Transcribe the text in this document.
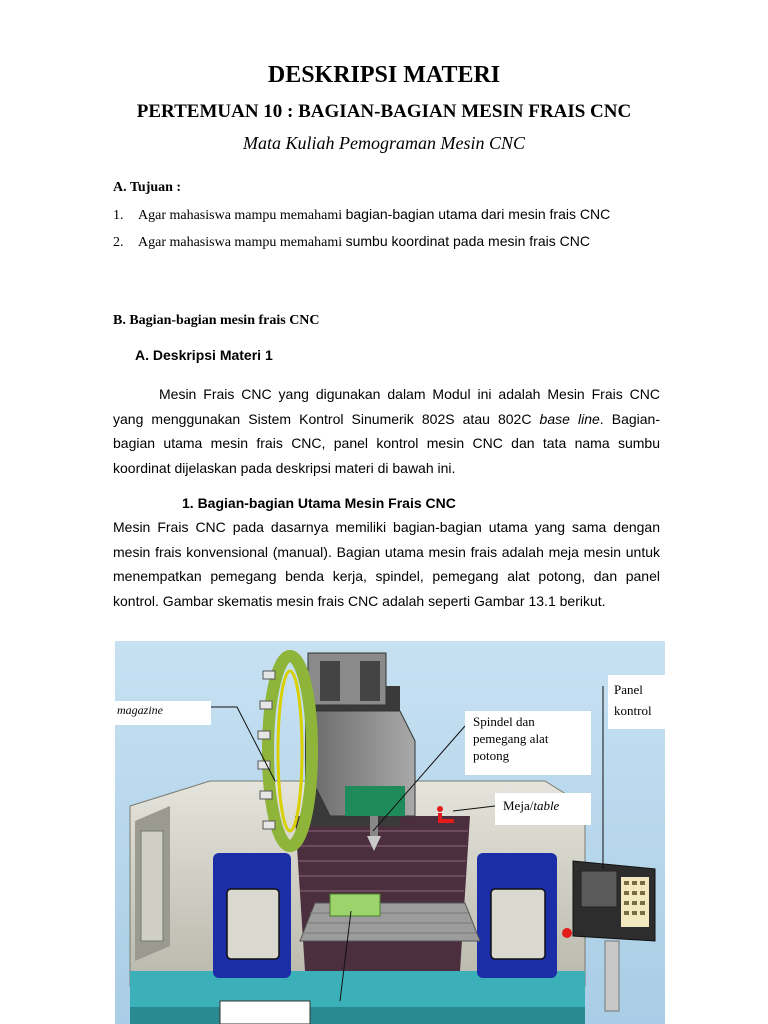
DESKRIPSI MATERI
PERTEMUAN 10 : BAGIAN-BAGIAN MESIN FRAIS CNC
Mata Kuliah Pemograman Mesin CNC
A. Tujuan :
1. Agar mahasiswa mampu memahami bagian-bagian utama dari mesin frais CNC
2. Agar mahasiswa mampu memahami sumbu koordinat pada mesin frais CNC
B. Bagian-bagian mesin frais CNC
A. Deskripsi Materi 1
Mesin Frais CNC yang digunakan dalam Modul ini adalah Mesin Frais CNC yang menggunakan Sistem Kontrol Sinumerik 802S atau 802C base line. Bagian-bagian utama mesin frais CNC, panel kontrol mesin CNC dan tata nama sumbu koordinat dijelaskan pada deskripsi materi di bawah ini.
1. Bagian-bagian Utama Mesin Frais CNC
Mesin Frais CNC pada dasarnya memiliki bagian-bagian utama yang sama dengan mesin frais konvensional (manual). Bagian utama mesin frais adalah meja mesin untuk menempatkan pemegang benda kerja, spindel, pemegang alat potong, dan panel kontrol. Gambar skematis mesin frais CNC adalah seperti Gambar 13.1 berikut.
magazine
Spindel dan pemegang alat potong
Meja/table
Panel
kontrol
